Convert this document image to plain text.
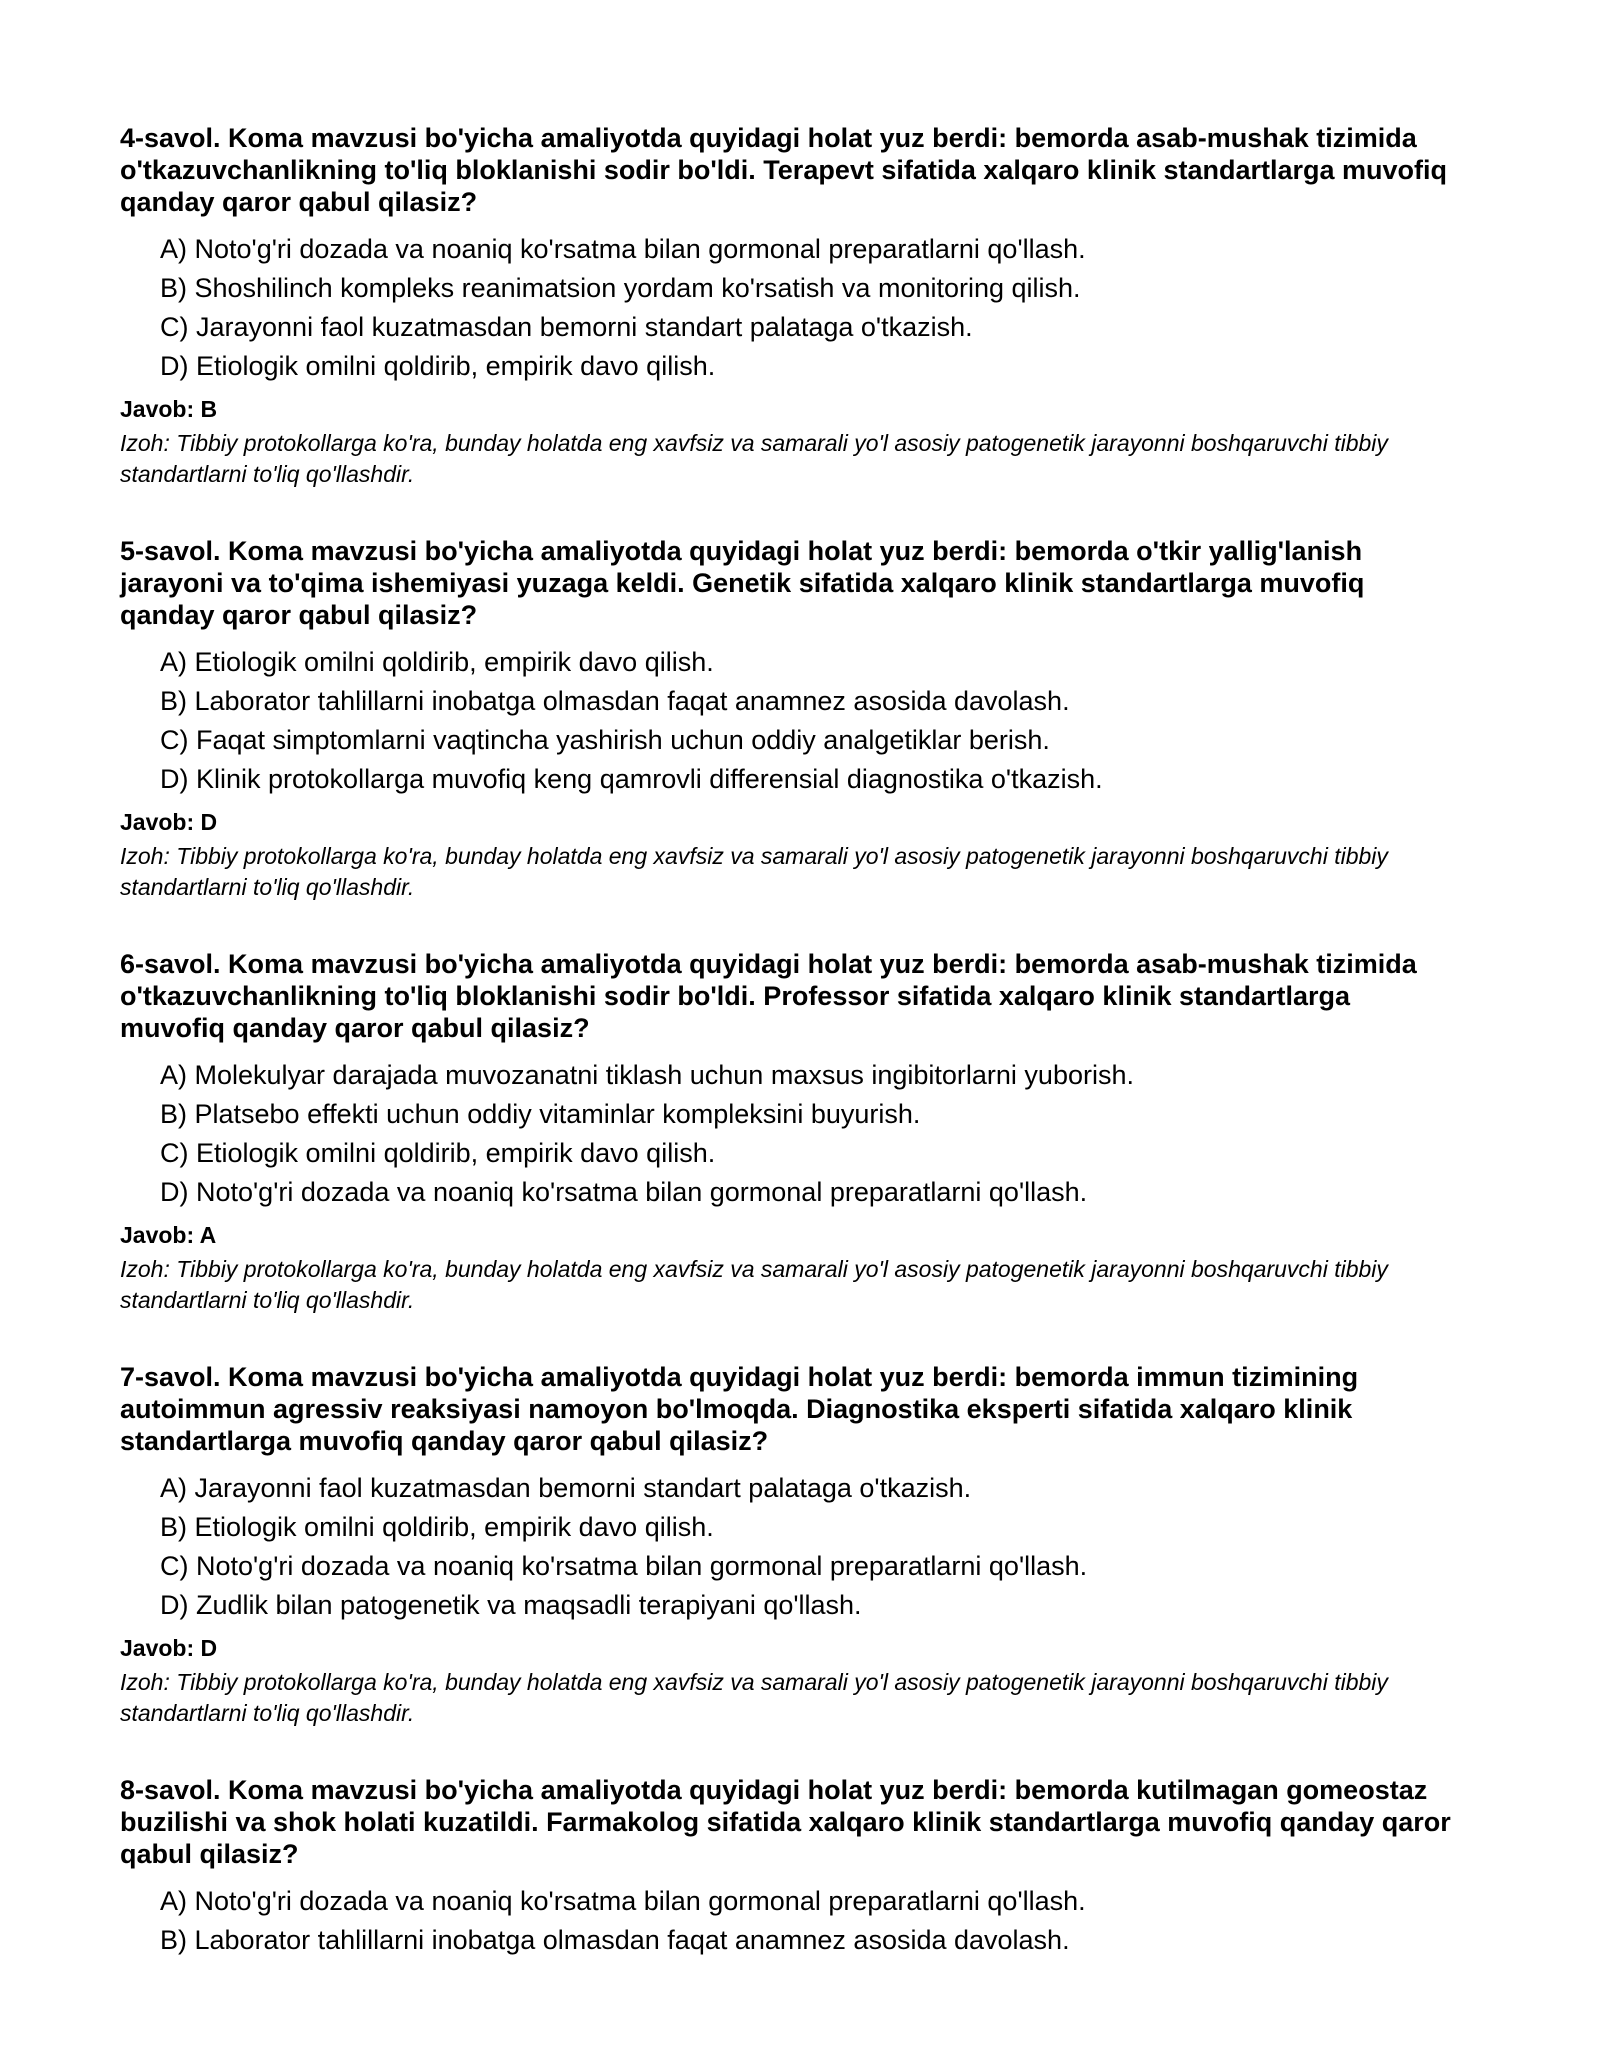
4-savol. Koma mavzusi bo'yicha amaliyotda quyidagi holat yuz berdi: bemorda asab-mushak tizimida o'tkazuvchanlikning to'liq bloklanishi sodir bo'ldi. Terapevt sifatida xalqaro klinik standartlarga muvofiq qanday qaror qabul qilasiz?

A) Noto'g'ri dozada va noaniq ko'rsatma bilan gormonal preparatlarni qo'llash.
B) Shoshilinch kompleks reanimatsion yordam ko'rsatish va monitoring qilish.
C) Jarayonni faol kuzatmasdan bemorni standart palataga o'tkazish.
D) Etiologik omilni qoldirib, empirik davo qilish.

Javob: B

Izoh: Tibbiy protokollarga ko'ra, bunday holatda eng xavfsiz va samarali yo'l asosiy patogenetik jarayonni boshqaruvchi tibbiy standartlarni to'liq qo'llashdir.

5-savol. Koma mavzusi bo'yicha amaliyotda quyidagi holat yuz berdi: bemorda o'tkir yallig'lanish jarayoni va to'qima ishemiyasi yuzaga keldi. Genetik sifatida xalqaro klinik standartlarga muvofiq qanday qaror qabul qilasiz?

A) Etiologik omilni qoldirib, empirik davo qilish.
B) Laborator tahlillarni inobatga olmasdan faqat anamnez asosida davolash.
C) Faqat simptomlarni vaqtincha yashirish uchun oddiy analgetiklar berish.
D) Klinik protokollarga muvofiq keng qamrovli differensial diagnostika o'tkazish.

Javob: D

Izoh: Tibbiy protokollarga ko'ra, bunday holatda eng xavfsiz va samarali yo'l asosiy patogenetik jarayonni boshqaruvchi tibbiy standartlarni to'liq qo'llashdir.

6-savol. Koma mavzusi bo'yicha amaliyotda quyidagi holat yuz berdi: bemorda asab-mushak tizimida o'tkazuvchanlikning to'liq bloklanishi sodir bo'ldi. Professor sifatida xalqaro klinik standartlarga muvofiq qanday qaror qabul qilasiz?

A) Molekulyar darajada muvozanatni tiklash uchun maxsus ingibitorlarni yuborish.
B) Platsebo effekti uchun oddiy vitaminlar kompleksini buyurish.
C) Etiologik omilni qoldirib, empirik davo qilish.
D) Noto'g'ri dozada va noaniq ko'rsatma bilan gormonal preparatlarni qo'llash.

Javob: A

Izoh: Tibbiy protokollarga ko'ra, bunday holatda eng xavfsiz va samarali yo'l asosiy patogenetik jarayonni boshqaruvchi tibbiy standartlarni to'liq qo'llashdir.

7-savol. Koma mavzusi bo'yicha amaliyotda quyidagi holat yuz berdi: bemorda immun tizimining autoimmun agressiv reaksiyasi namoyon bo'lmoqda. Diagnostika eksperti sifatida xalqaro klinik standartlarga muvofiq qanday qaror qabul qilasiz?

A) Jarayonni faol kuzatmasdan bemorni standart palataga o'tkazish.
B) Etiologik omilni qoldirib, empirik davo qilish.
C) Noto'g'ri dozada va noaniq ko'rsatma bilan gormonal preparatlarni qo'llash.
D) Zudlik bilan patogenetik va maqsadli terapiyani qo'llash.

Javob: D

Izoh: Tibbiy protokollarga ko'ra, bunday holatda eng xavfsiz va samarali yo'l asosiy patogenetik jarayonni boshqaruvchi tibbiy standartlarni to'liq qo'llashdir.

8-savol. Koma mavzusi bo'yicha amaliyotda quyidagi holat yuz berdi: bemorda kutilmagan gomeostaz buzilishi va shok holati kuzatildi. Farmakolog sifatida xalqaro klinik standartlarga muvofiq qanday qaror qabul qilasiz?

A) Noto'g'ri dozada va noaniq ko'rsatma bilan gormonal preparatlarni qo'llash.
B) Laborator tahlillarni inobatga olmasdan faqat anamnez asosida davolash.
